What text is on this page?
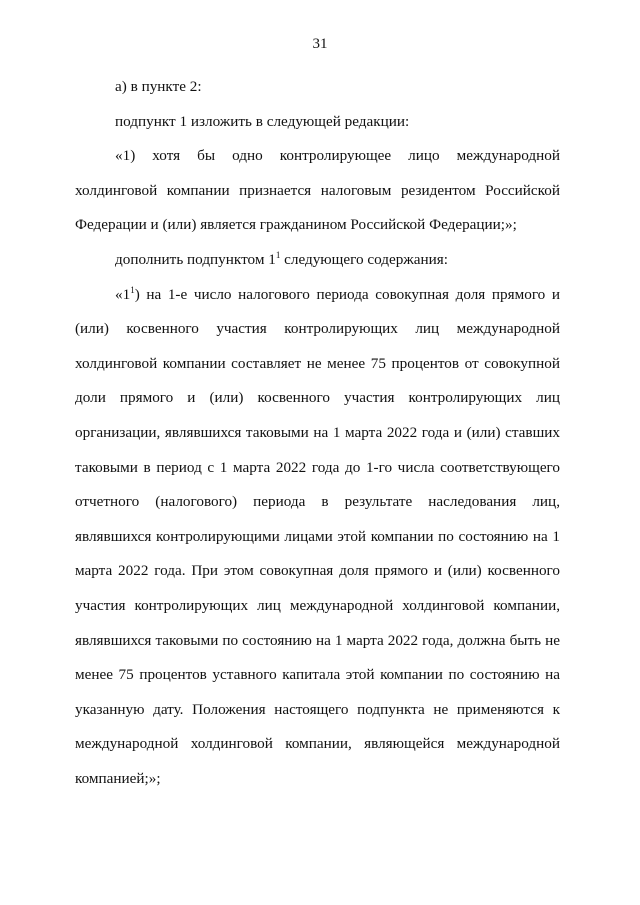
31

а) в пункте 2:

подпункт 1 изложить в следующей редакции:

«1) хотя бы одно контролирующее лицо международной холдинговой компании признается налоговым резидентом Российской Федерации и (или) является гражданином Российской Федерации;»;

дополнить подпунктом $1^1$ следующего содержания:

«$1^1$) на 1-е число налогового периода совокупная доля прямого и (или) косвенного участия контролирующих лиц международной холдинговой компании составляет не менее 75 процентов от совокупной доли прямого и (или) косвенного участия контролирующих лиц организации, являвшихся таковыми на 1 марта 2022 года и (или) ставших таковыми в период с 1 марта 2022 года до 1-го числа соответствующего отчетного (налогового) периода в результате наследования лиц, являвшихся контролирующими лицами этой компании по состоянию на 1 марта 2022 года. При этом совокупная доля прямого и (или) косвенного участия контролирующих лиц международной холдинговой компании, являвшихся таковыми по состоянию на 1 марта 2022 года, должна быть не менее 75 процентов уставного капитала этой компании по состоянию на указанную дату. Положения настоящего подпункта не применяются к международной холдинговой компании, являющейся международной компанией;»;
